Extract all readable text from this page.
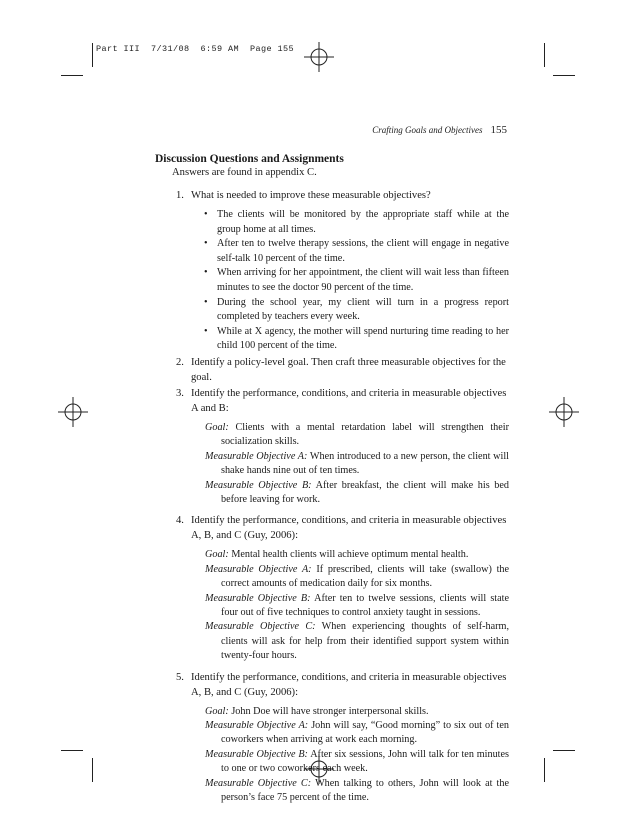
Part III  7/31/08  6:59 AM  Page 155
Crafting Goals and Objectives 155
Discussion Questions and Assignments
Answers are found in appendix C.
1. What is needed to improve these measurable objectives?
• The clients will be monitored by the appropriate staff while at the group home at all times.
• After ten to twelve therapy sessions, the client will engage in negative self-talk 10 percent of the time.
• When arriving for her appointment, the client will wait less than fifteen minutes to see the doctor 90 percent of the time.
• During the school year, my client will turn in a progress report completed by teachers every week.
• While at X agency, the mother will spend nurturing time reading to her child 100 percent of the time.
2. Identify a policy-level goal. Then craft three measurable objectives for the goal.
3. Identify the performance, conditions, and criteria in measurable objectives A and B:

Goal: Clients with a mental retardation label will strengthen their socialization skills.

Measurable Objective A: When introduced to a new person, the client will shake hands nine out of ten times.

Measurable Objective B: After breakfast, the client will make his bed before leaving for work.

4. Identify the performance, conditions, and criteria in measurable objectives A, B, and C (Guy, 2006):

Goal: Mental health clients will achieve optimum mental health.

Measurable Objective A: If prescribed, clients will take (swallow) the correct amounts of medication daily for six months.

Measurable Objective B: After ten to twelve sessions, clients will state four out of five techniques to control anxiety taught in sessions.

Measurable Objective C: When experiencing thoughts of self-harm, clients will ask for help from their identified support system within twenty-four hours.

5. Identify the performance, conditions, and criteria in measurable objectives A, B, and C (Guy, 2006):

Goal: John Doe will have stronger interpersonal skills.

Measurable Objective A: John will say, “Good morning” to six out of ten coworkers when arriving at work each morning.

Measurable Objective B: After six sessions, John will talk for ten minutes to one or two coworkers each week.

Measurable Objective C: When talking to others, John will look at the person’s face 75 percent of the time.
